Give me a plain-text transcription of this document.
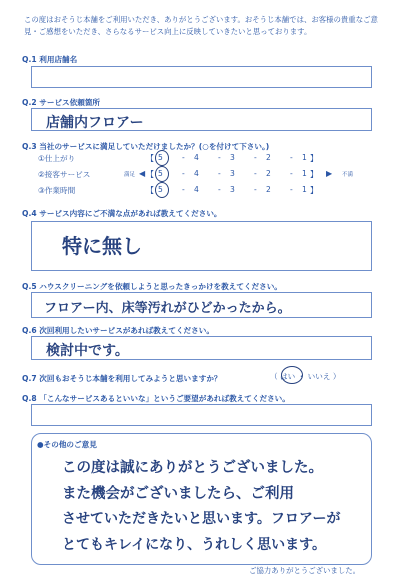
この度はおそうじ本舗をご利用いただき、ありがとうございます。おそうじ本舗では、お客様の貴重なご意見・ご感想をいただき、さらなるサービス向上に反映していきたいと思っております。
Q.1 利用店舗名
Q.2 サービス依頼箇所
店舗内フロアー
Q.3 当社のサービスに満足していただけましたか？(○を付けて下さい。)
①仕上がり	【 5	- 4	- 3	- 2	- 1 】
②接客サービス	満足 ◀ 【 5	- 4	- 3	- 2	- 1 】 ▶ 不満
③作業時間	【 5	- 4	- 3	- 2	- 1 】
Q.4 サービス内容にご不満な点があれば教えてください。
特に無し
Q.5 ハウスクリーニングを依頼しようと思ったきっかけを教えてください。
フロアー内、床等汚れがひどかったから。
Q.6 次回利用したいサービスがあれば教えてください。
検討中です。
Q.7 次回もおそうじ本舗を利用してみようと思いますか？	（ はい ・ いいえ ）
Q.8 「こんなサービスあるといいな」というご要望があれば教えてください。
●その他のご意見
この度は誠にありがとうございました。
また機会がございましたら、ご利用
させていただきたいと思います。フロアーが
とてもキレイになり、うれしく思います。
ご協力ありがとうございました。
